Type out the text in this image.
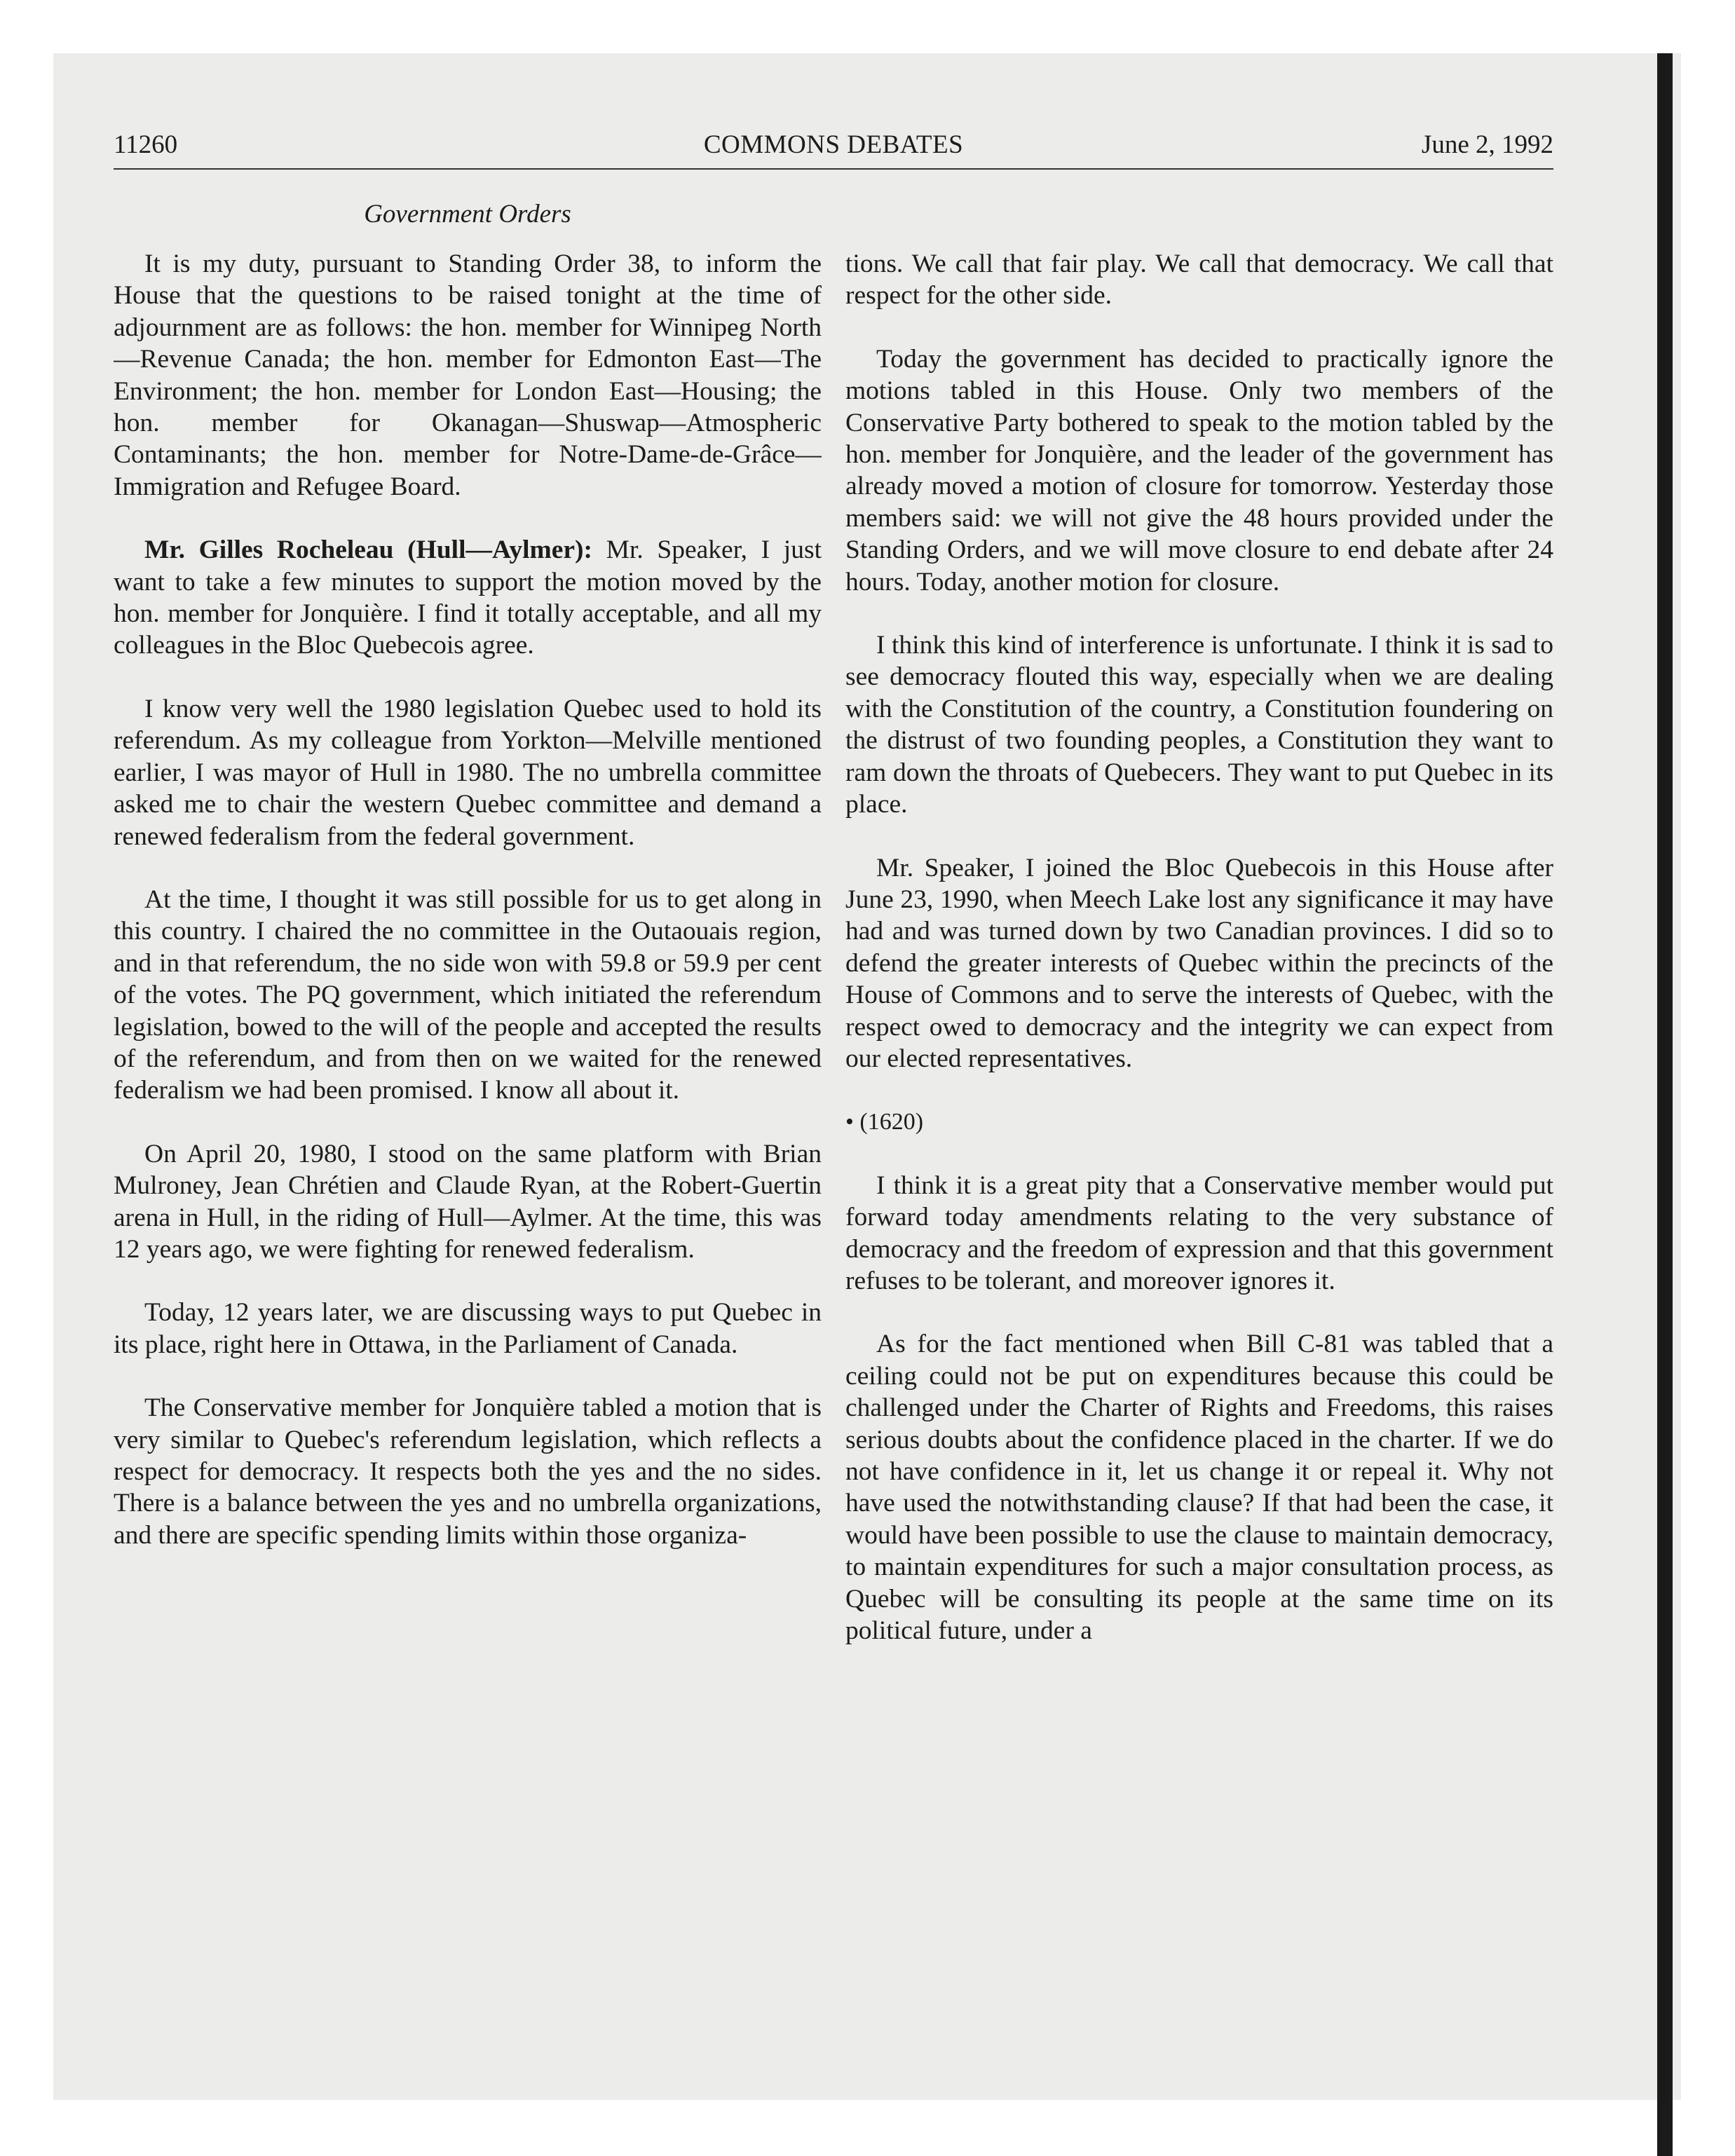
11260	COMMONS DEBATES	June 2, 1992
Government Orders

It is my duty, pursuant to Standing Order 38, to inform the House that the questions to be raised tonight at the time of adjournment are as follows: the hon. member for Winnipeg North—Revenue Canada; the hon. member for Edmonton East—The Environment; the hon. member for London East—Housing; the hon. member for Okanagan—Shuswap—Atmospheric Contaminants; the hon. member for Notre-Dame-de-Grâce—Immigration and Refugee Board.

Mr. Gilles Rocheleau (Hull—Aylmer): Mr. Speaker, I just want to take a few minutes to support the motion moved by the hon. member for Jonquière. I find it totally acceptable, and all my colleagues in the Bloc Quebecois agree.

I know very well the 1980 legislation Quebec used to hold its referendum. As my colleague from Yorkton—Melville mentioned earlier, I was mayor of Hull in 1980. The no umbrella committee asked me to chair the western Quebec committee and demand a renewed federalism from the federal government.

At the time, I thought it was still possible for us to get along in this country. I chaired the no committee in the Outaouais region, and in that referendum, the no side won with 59.8 or 59.9 per cent of the votes. The PQ government, which initiated the referendum legislation, bowed to the will of the people and accepted the results of the referendum, and from then on we waited for the renewed federalism we had been promised. I know all about it.

On April 20, 1980, I stood on the same platform with Brian Mulroney, Jean Chrétien and Claude Ryan, at the Robert-Guertin arena in Hull, in the riding of Hull—Aylmer. At the time, this was 12 years ago, we were fighting for renewed federalism.

Today, 12 years later, we are discussing ways to put Quebec in its place, right here in Ottawa, in the Parliament of Canada.

The Conservative member for Jonquière tabled a motion that is very similar to Quebec's referendum legislation, which reflects a respect for democracy. It respects both the yes and the no sides. There is a balance between the yes and no umbrella organizations, and there are specific spending limits within those organiza-

tions. We call that fair play. We call that democracy. We call that respect for the other side.

Today the government has decided to practically ignore the motions tabled in this House. Only two members of the Conservative Party bothered to speak to the motion tabled by the hon. member for Jonquière, and the leader of the government has already moved a motion of closure for tomorrow. Yesterday those members said: we will not give the 48 hours provided under the Standing Orders, and we will move closure to end debate after 24 hours. Today, another motion for closure.

I think this kind of interference is unfortunate. I think it is sad to see democracy flouted this way, especially when we are dealing with the Constitution of the country, a Constitution foundering on the distrust of two founding peoples, a Constitution they want to ram down the throats of Quebecers. They want to put Quebec in its place.

Mr. Speaker, I joined the Bloc Quebecois in this House after June 23, 1990, when Meech Lake lost any significance it may have had and was turned down by two Canadian provinces. I did so to defend the greater interests of Quebec within the precincts of the House of Commons and to serve the interests of Quebec, with the respect owed to democracy and the integrity we can expect from our elected representatives.

• (1620)

I think it is a great pity that a Conservative member would put forward today amendments relating to the very substance of democracy and the freedom of expression and that this government refuses to be tolerant, and moreover ignores it.

As for the fact mentioned when Bill C-81 was tabled that a ceiling could not be put on expenditures because this could be challenged under the Charter of Rights and Freedoms, this raises serious doubts about the confidence placed in the charter. If we do not have confidence in it, let us change it or repeal it. Why not have used the notwithstanding clause? If that had been the case, it would have been possible to use the clause to maintain democracy, to maintain expenditures for such a major consultation process, as Quebec will be consulting its people at the same time on its political future, under a
